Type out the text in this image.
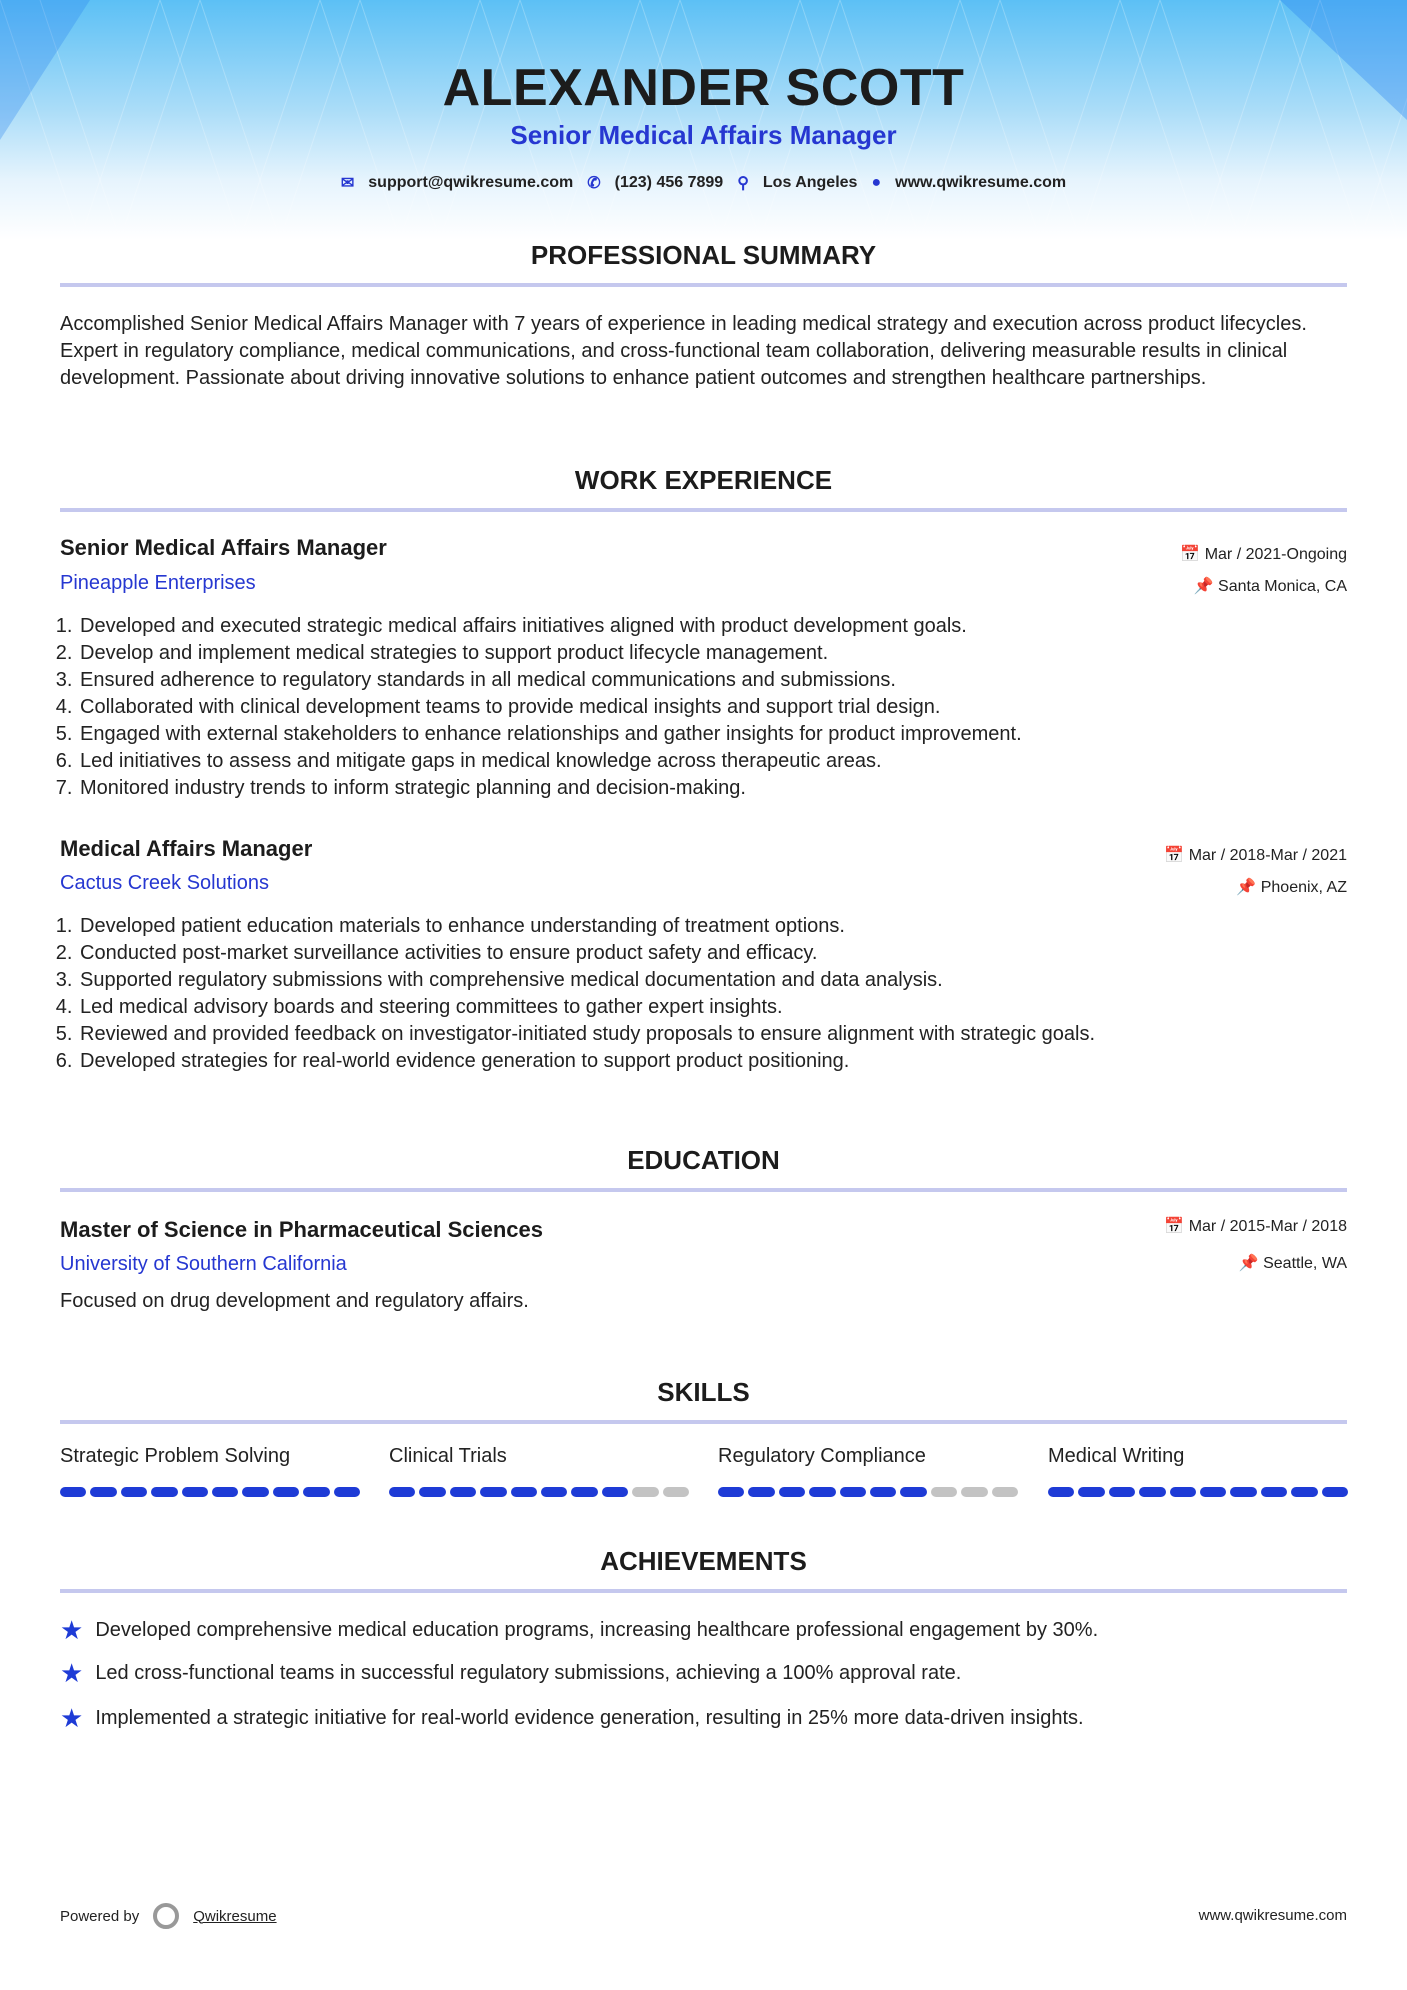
ALEXANDER SCOTT
Senior Medical Affairs Manager
✉ support@qwikresume.com ✆ (123) 456 7899 ⚲ Los Angeles ● www.qwikresume.com
PROFESSIONAL SUMMARY
Accomplished Senior Medical Affairs Manager with 7 years of experience in leading medical strategy and execution across product lifecycles. Expert in regulatory compliance, medical communications, and cross-functional team collaboration, delivering measurable results in clinical development. Passionate about driving innovative solutions to enhance patient outcomes and strengthen healthcare partnerships.
WORK EXPERIENCE
Senior Medical Affairs Manager
Pineapple Enterprises
📅 Mar / 2021-Ongoing
📌 Santa Monica, CA
1. Developed and executed strategic medical affairs initiatives aligned with product development goals.
2. Develop and implement medical strategies to support product lifecycle management.
3. Ensured adherence to regulatory standards in all medical communications and submissions.
4. Collaborated with clinical development teams to provide medical insights and support trial design.
5. Engaged with external stakeholders to enhance relationships and gather insights for product improvement.
6. Led initiatives to assess and mitigate gaps in medical knowledge across therapeutic areas.
7. Monitored industry trends to inform strategic planning and decision-making.
Medical Affairs Manager
Cactus Creek Solutions
📅 Mar / 2018-Mar / 2021
📌 Phoenix, AZ
1. Developed patient education materials to enhance understanding of treatment options.
2. Conducted post-market surveillance activities to ensure product safety and efficacy.
3. Supported regulatory submissions with comprehensive medical documentation and data analysis.
4. Led medical advisory boards and steering committees to gather expert insights.
5. Reviewed and provided feedback on investigator-initiated study proposals to ensure alignment with strategic goals.
6. Developed strategies for real-world evidence generation to support product positioning.
EDUCATION
Master of Science in Pharmaceutical Sciences
University of Southern California
📅 Mar / 2015-Mar / 2018
📌 Seattle, WA
Focused on drug development and regulatory affairs.
SKILLS
Strategic Problem Solving	Clinical Trials	Regulatory Compliance	Medical Writing
ACHIEVEMENTS
★ Developed comprehensive medical education programs, increasing healthcare professional engagement by 30%.
★ Led cross-functional teams in successful regulatory submissions, achieving a 100% approval rate.
★ Implemented a strategic initiative for real-world evidence generation, resulting in 25% more data-driven insights.
Powered by	Qwikresume	www.qwikresume.com
